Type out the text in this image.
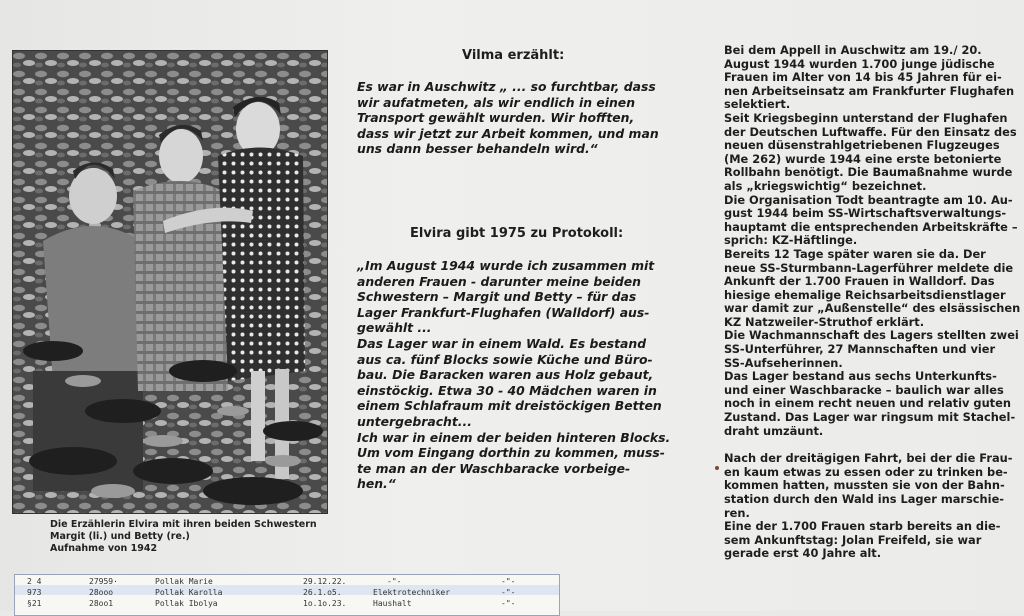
Die Erzählerin Elvira mit ihren beiden Schwestern
Margit (li.) und Betty (re.)
Aufnahme von 1942
Vilma erzählt:
Es war in Auschwitz „ ... so furchtbar, dass
wir aufatmeten, als wir endlich in einen
Transport gewählt wurden. Wir hofften,
dass wir jetzt zur Arbeit kommen, und man
uns dann besser behandeln wird.“
Elvira gibt 1975 zu Protokoll:
„Im August 1944 wurde ich zusammen mit
anderen Frauen - darunter meine beiden
Schwestern – Margit und Betty – für das
Lager Frankfurt-Flughafen (Walldorf) aus-
gewählt ...
Das Lager war in einem Wald. Es bestand
aus ca. fünf Blocks sowie Küche und Büro-
bau. Die Baracken waren aus Holz gebaut,
einstöckig. Etwa 30 - 40 Mädchen waren in
einem Schlafraum mit dreistöckigen Betten
untergebracht...
Ich war in einem der beiden hinteren Blocks.
Um vom Eingang dorthin zu kommen, muss-
te man an der Waschbaracke vorbeige-
hen.“
Bei dem Appell in Auschwitz am 19./ 20.
August 1944 wurden 1.700 junge jüdische
Frauen im Alter von 14 bis 45 Jahren für ei-
nen Arbeitseinsatz am Frankfurter Flughafen
selektiert.
Seit Kriegsbeginn unterstand der Flughafen
der Deutschen Luftwaffe. Für den Einsatz des
neuen düsenstrahlgetriebenen Flugzeuges
(Me 262) wurde 1944 eine erste betonierte
Rollbahn benötigt. Die Baumaßnahme wurde
als „kriegswichtig“ bezeichnet.
Die Organisation Todt beantragte am 10. Au-
gust 1944 beim SS-Wirtschaftsverwaltungs-
hauptamt die entsprechenden Arbeitskräfte –
sprich: KZ-Häftlinge.
Bereits 12 Tage später waren sie da. Der
neue SS-Sturmbann-Lagerführer meldete die
Ankunft der 1.700 Frauen in Walldorf. Das
hiesige ehemalige Reichsarbeitsdienstlager
war damit zur „Außenstelle“ des elsässischen
KZ Natzweiler-Struthof erklärt.
Die Wachmannschaft des Lagers stellten zwei
SS-Unterführer, 27 Mannschaften und vier
SS-Aufseherinnen.
Das Lager bestand aus sechs Unterkunfts-
und einer Waschbaracke – baulich war alles
noch in einem recht neuen und relativ guten
Zustand. Das Lager war ringsum mit Stachel-
draht umzäunt.
Nach der dreitägigen Fahrt, bei der die Frau-
en kaum etwas zu essen oder zu trinken be-
kommen hatten, mussten sie von der Bahn-
station durch den Wald ins Lager marschie-
ren.
Eine der 1.700 Frauen starb bereits an die-
sem Ankunftstag: Jolan Freifeld, sie war
gerade erst 40 Jahre alt.
2 4	27959·	Pollak Marie	29.12.22.	-"-	-"-
973	28ooo	Pollak Karolla	26.1.o5.	Elektrotechniker	-"-
§21	28oo1	Pollak Ibolya	1o.1o.23.	Haushalt	-"-
